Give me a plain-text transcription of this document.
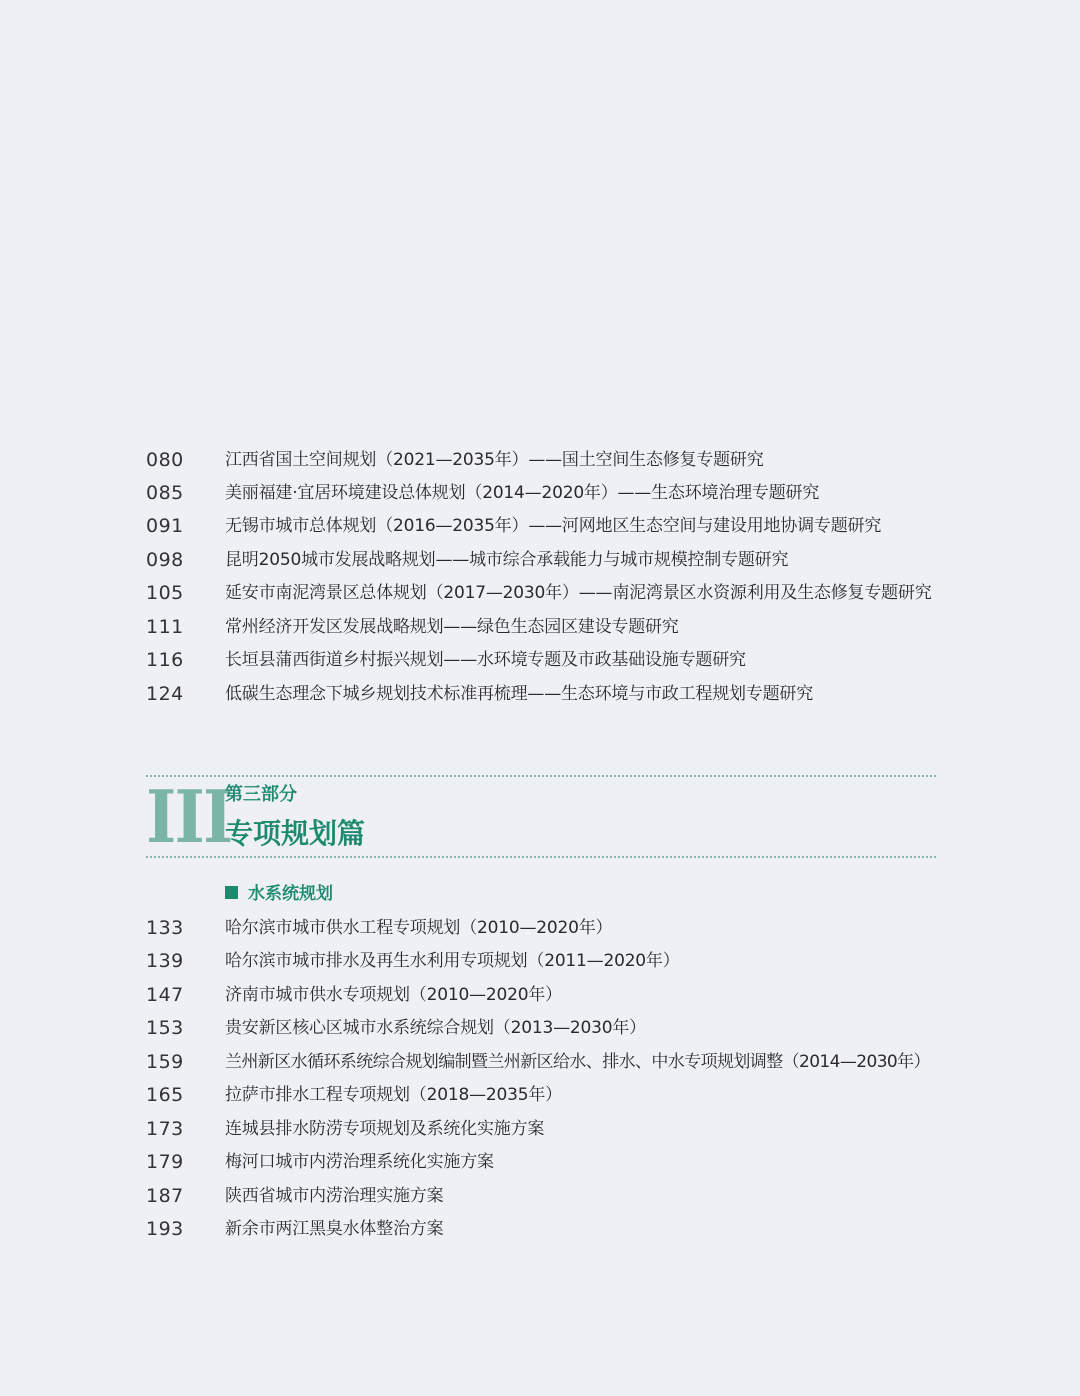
080 江西省国土空间规划（2021—2035年）——国土空间生态修复专题研究
085 美丽福建·宜居环境建设总体规划（2014—2020年）——生态环境治理专题研究
091 无锡市城市总体规划（2016—2035年）——河网地区生态空间与建设用地协调专题研究
098 昆明2050城市发展战略规划——城市综合承载能力与城市规模控制专题研究
105 延安市南泥湾景区总体规划（2017—2030年）——南泥湾景区水资源利用及生态修复专题研究
111 常州经济开发区发展战略规划——绿色生态园区建设专题研究
116 长垣县蒲西街道乡村振兴规划——水环境专题及市政基础设施专题研究
124 低碳生态理念下城乡规划技术标准再梳理——生态环境与市政工程规划专题研究
III
第三部分
专项规划篇
水系统规划
133 哈尔滨市城市供水工程专项规划（2010—2020年）
139 哈尔滨市城市排水及再生水利用专项规划（2011—2020年）
147 济南市城市供水专项规划（2010—2020年）
153 贵安新区核心区城市水系统综合规划（2013—2030年）
159 兰州新区水循环系统综合规划编制暨兰州新区给水、排水、中水专项规划调整（2014—2030年）
165 拉萨市排水工程专项规划（2018—2035年）
173 连城县排水防涝专项规划及系统化实施方案
179 梅河口城市内涝治理系统化实施方案
187 陕西省城市内涝治理实施方案
193 新余市两江黑臭水体整治方案
